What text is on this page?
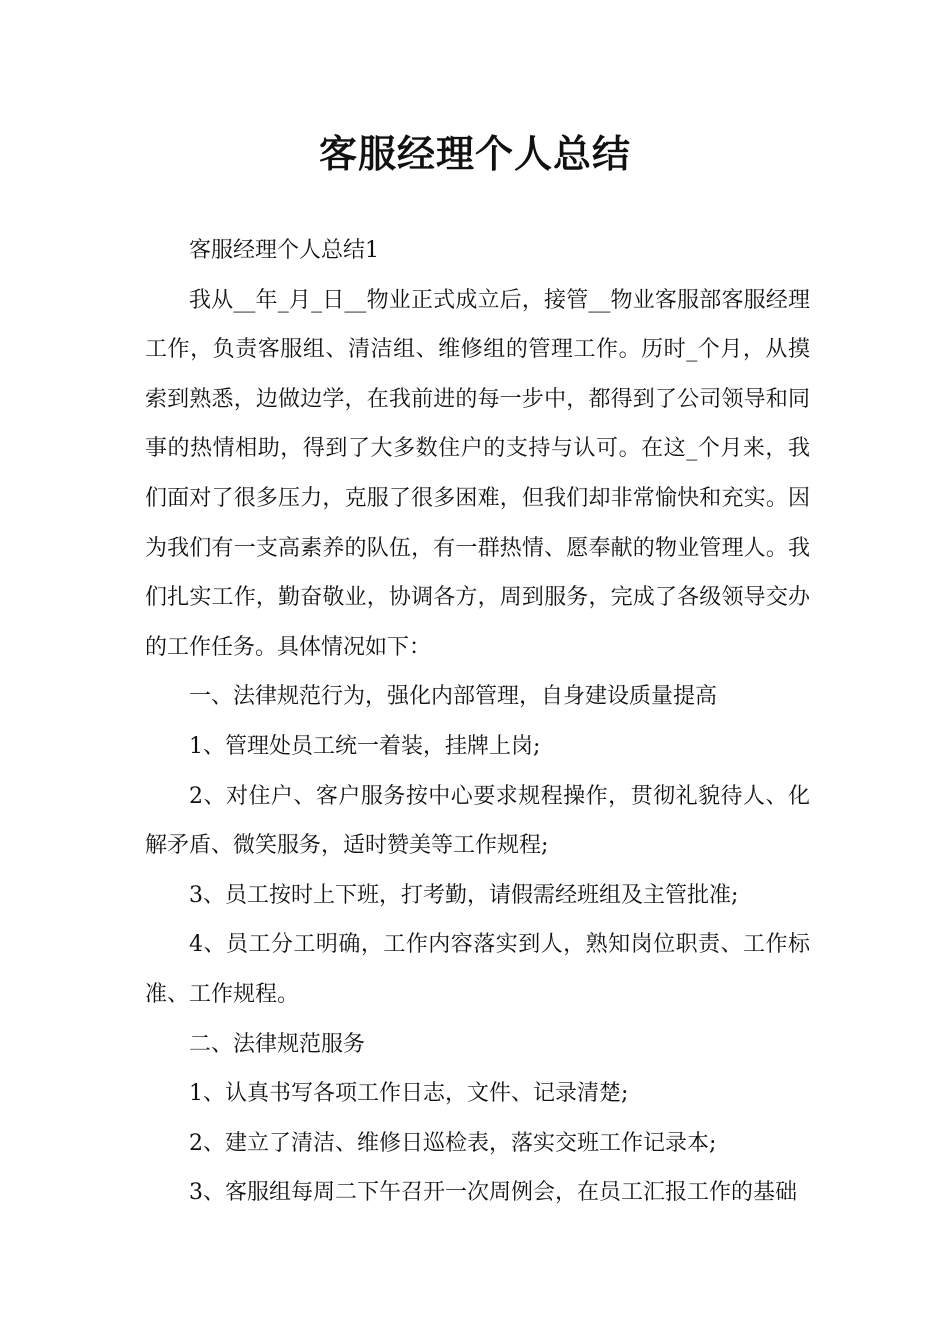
客服经理个人总结

客服经理个人总结1

我从__年_月_日__物业正式成立后，接管__物业客服部客服经理工作，负责客服组、清洁组、维修组的管理工作。历时_个月，从摸索到熟悉，边做边学，在我前进的每一步中，都得到了公司领导和同事的热情相助，得到了大多数住户的支持与认可。在这_个月来，我们面对了很多压力，克服了很多困难，但我们却非常愉快和充实。因为我们有一支高素养的队伍，有一群热情、愿奉献的物业管理人。我们扎实工作，勤奋敬业，协调各方，周到服务，完成了各级领导交办的工作任务。具体情况如下：

一、法律规范行为，强化内部管理，自身建设质量提高

1、管理处员工统一着装，挂牌上岗;

2、对住户、客户服务按中心要求规程操作，贯彻礼貌待人、化解矛盾、微笑服务，适时赞美等工作规程;

3、员工按时上下班，打考勤，请假需经班组及主管批准;

4、员工分工明确，工作内容落实到人，熟知岗位职责、工作标准、工作规程。

二、法律规范服务

1、认真书写各项工作日志，文件、记录清楚;

2、建立了清洁、维修日巡检表，落实交班工作记录本;

3、客服组每周二下午召开一次周例会，在员工汇报工作的基础
